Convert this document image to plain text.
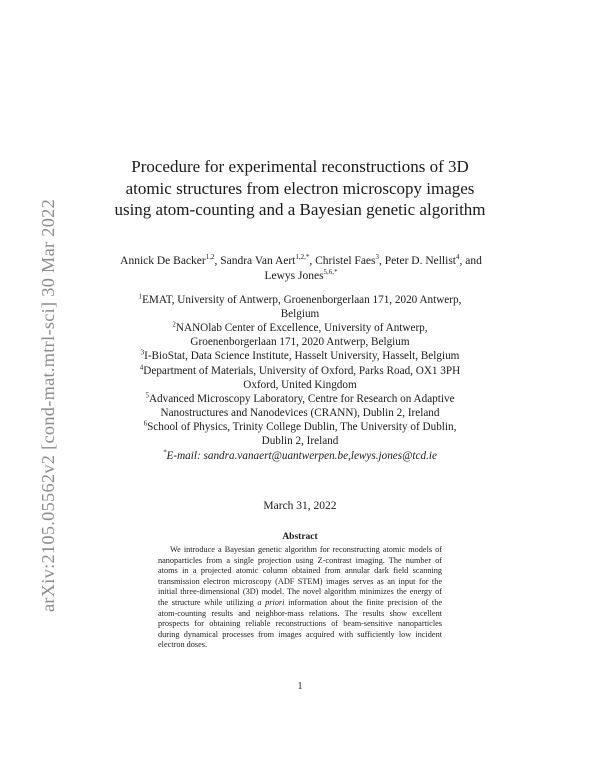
arXiv:2105.05562v2 [cond-mat.mtrl-sci] 30 Mar 2022
Procedure for experimental reconstructions of 3D atomic structures from electron microscopy images using atom-counting and a Bayesian genetic algorithm
Annick De Backer$^{1,2}$, Sandra Van Aert$^{1,2,*}$, Christel Faes$^3$, Peter D. Nellist$^4$, and Lewys Jones$^{5,6,*}$
$^1$EMAT, University of Antwerp, Groenenborgerlaan 171, 2020 Antwerp, Belgium
$^2$NANOlab Center of Excellence, University of Antwerp, Groenenborgerlaan 171, 2020 Antwerp, Belgium
$^3$I-BioStat, Data Science Institute, Hasselt University, Hasselt, Belgium
$^4$Department of Materials, University of Oxford, Parks Road, OX1 3PH Oxford, United Kingdom
$^5$Advanced Microscopy Laboratory, Centre for Research on Adaptive Nanostructures and Nanodevices (CRANN), Dublin 2, Ireland
$^6$School of Physics, Trinity College Dublin, The University of Dublin, Dublin 2, Ireland
*E-mail: sandra.vanaert@uantwerpen.be,lewys.jones@tcd.ie
March 31, 2022
Abstract
We introduce a Bayesian genetic algorithm for reconstructing atomic models of nanoparticles from a single projection using Z-contrast imaging. The number of atoms in a projected atomic column obtained from annular dark field scanning transmission electron microscopy (ADF STEM) images serves as an input for the initial three-dimensional (3D) model. The novel algorithm minimizes the energy of the structure while utilizing a priori information about the finite precision of the atom-counting results and neighbor-mass relations. The results show excellent prospects for obtaining reliable reconstructions of beam-sensitive nanoparticles during dynamical processes from images acquired with sufficiently low incident electron doses.
1
